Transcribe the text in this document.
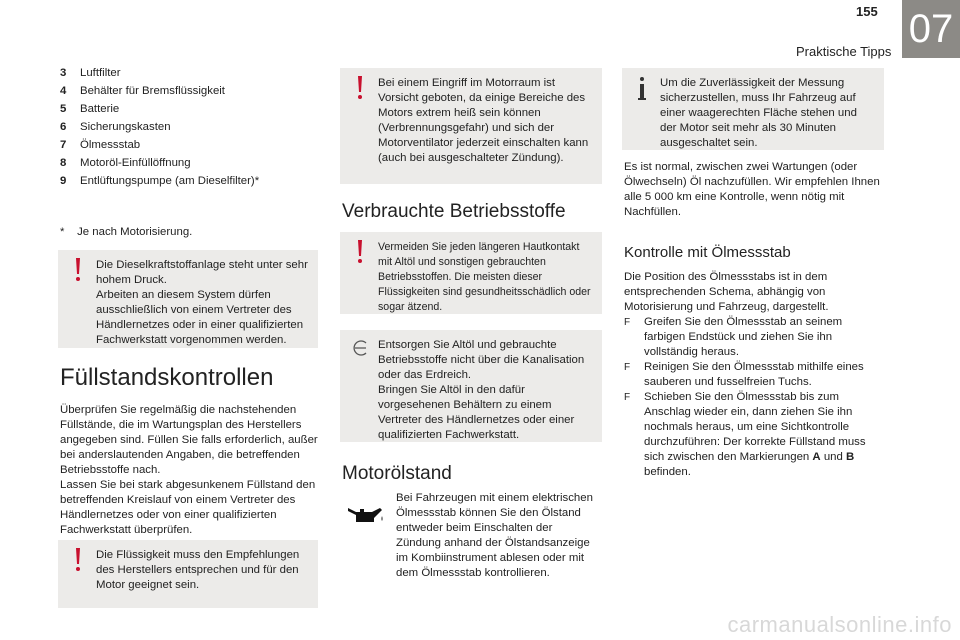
155
Praktische Tipps
07
3	Luftfilter
4	Behälter für Bremsflüssigkeit
5	Batterie
6	Sicherungskasten
7	Ölmessstab
8	Motoröl-Einfüllöffnung
9	Entlüftungspumpe (am Dieselfilter)*
*    Je nach Motorisierung.

Die Dieselkraftstoffanlage steht unter sehr hohem Druck.

Arbeiten an diesem System dürfen ausschließlich von einem Vertreter des Händlernetzes oder in einer qualifizierten Fachwerkstatt vorgenommen werden.

Füllstandskontrollen
Überprüfen Sie regelmäßig die nachstehenden Füllstände, die im Wartungsplan des Herstellers angegeben sind. Füllen Sie falls erforderlich, außer bei anderslautenden Angaben, die betreffenden Betriebsstoffe nach.
Lassen Sie bei stark abgesunkenem Füllstand den betreffenden Kreislauf von einem Vertreter des Händlernetzes oder von einer qualifizierten Fachwerkstatt überprüfen.

Die Flüssigkeit muss den Empfehlungen des Herstellers entsprechen und für den Motor geeignet sein.

Bei einem Eingriff im Motorraum ist Vorsicht geboten, da einige Bereiche des Motors extrem heiß sein können (Verbrennungsgefahr) und sich der Motorventilator jederzeit einschalten kann (auch bei ausgeschalteter Zündung).

Verbrauchte Betriebsstoffe

Vermeiden Sie jeden längeren Hautkontakt mit Altöl und sonstigen gebrauchten Betriebsstoffen. Die meisten dieser Flüssigkeiten sind gesundheitsschädlich oder sogar ätzend.

Entsorgen Sie Altöl und gebrauchte Betriebsstoffe nicht über die Kanalisation oder das Erdreich.

Bringen Sie Altöl in den dafür vorgesehenen Behältern zu einem Vertreter des Händlernetzes oder einer qualifizierten Fachwerkstatt.

Motorölstand
Bei Fahrzeugen mit einem elektrischen Ölmessstab können Sie den Ölstand entweder beim Einschalten der Zündung anhand der Ölstandsanzeige im Kombiinstrument ablesen oder mit dem Ölmessstab kontrollieren.

Um die Zuverlässigkeit der Messung sicherzustellen, muss Ihr Fahrzeug auf einer waagerechten Fläche stehen und der Motor seit mehr als 30 Minuten ausgeschaltet sein.

Es ist normal, zwischen zwei Wartungen (oder Ölwechseln) Öl nachzufüllen. Wir empfehlen Ihnen alle 5 000 km eine Kontrolle, wenn nötig mit Nachfüllen.
Kontrolle mit Ölmessstab
Die Position des Ölmessstabs ist in dem entsprechenden Schema, abhängig von Motorisierung und Fahrzeug, dargestellt.
F	Greifen Sie den Ölmessstab an seinem farbigen Endstück und ziehen Sie ihn vollständig heraus.
F	Reinigen Sie den Ölmessstab mithilfe eines sauberen und fusselfreien Tuchs.
F	Schieben Sie den Ölmessstab bis zum Anschlag wieder ein, dann ziehen Sie ihn nochmals heraus, um eine Sichtkontrolle durchzuführen: Der korrekte Füllstand muss sich zwischen den Markierungen A und B befinden.
carmanualsonline.info
